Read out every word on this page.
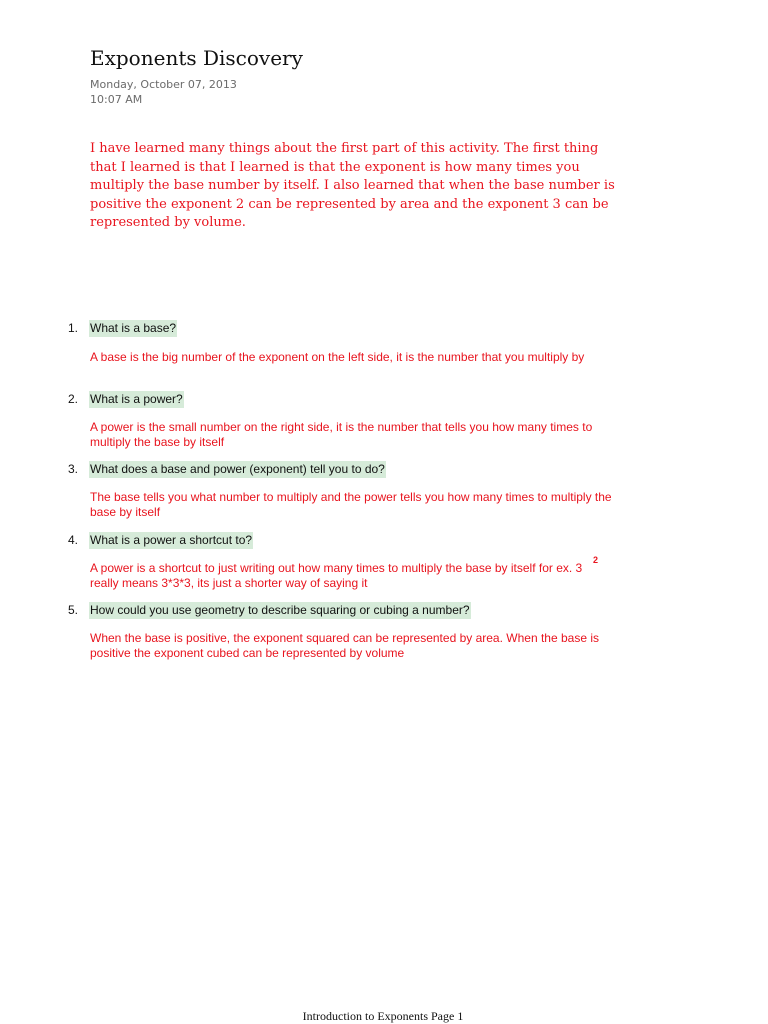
Exponents Discovery
Monday, October 07, 2013
10:07 AM

I have learned many things about the first part of this activity. The first thing that I learned is that I learned is that the exponent is how many times you multiply the base number by itself. I also learned that when the base number is positive the exponent 2 can be represented by area and the exponent 3 can be represented by volume.

1. What is a base?

A base is the big number of the exponent on the left side, it is the number that you multiply by

2. What is a power?

A power is the small number on the right side, it is the number that tells you how many times to multiply the base by itself

3. What does a base and power (exponent) tell you to do?

The base tells you what number to multiply and the power tells you how many times to multiply the base by itself

4. What is a power a shortcut to?

A power is a shortcut to just writing out how many times to multiply the base by itself for ex. 3
really means 3*3*3, its just a shorter way of saying it

2
5. How could you use geometry to describe squaring or cubing a number?

When the base is positive, the exponent squared can be represented by area. When the base is positive the exponent cubed can be represented by volume

Introduction to Exponents Page 1
